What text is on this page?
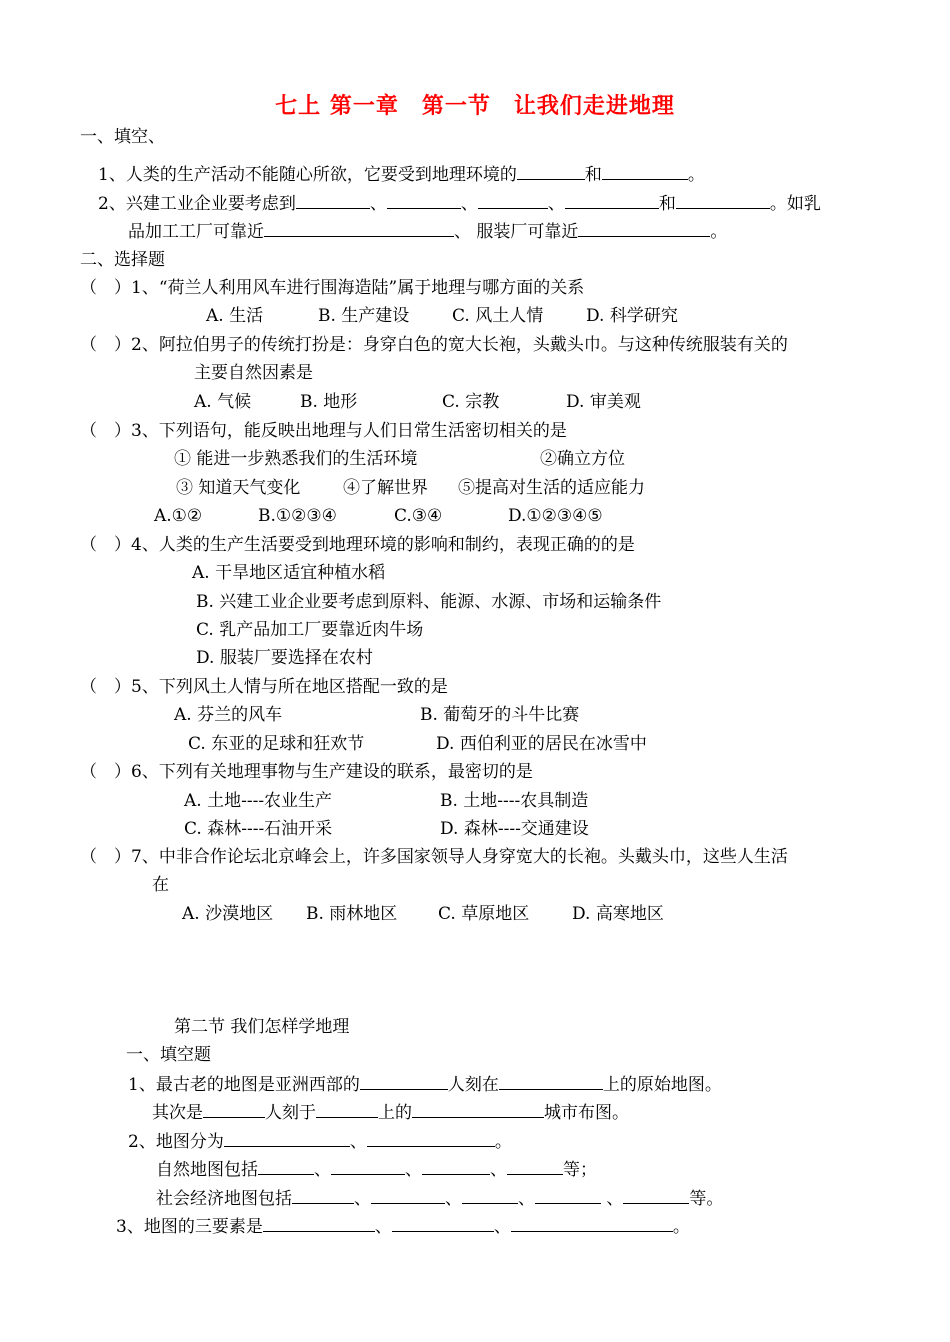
七上 第一章　第一节　让我们走进地理
一、填空、
1、人类的生产活动不能随心所欲，它要受到地理环境的	和	。
2、兴建工业企业要考虑到	、	、	、	和	。如乳
品加工工厂可靠近	、 服装厂可靠近	。
二、选择题
（　）1、“荷兰人利用风车进行围海造陆”属于地理与哪方面的关系
A. 生活	B. 生产建设	C. 风土人情	D. 科学研究
（　）2、阿拉伯男子的传统打扮是：身穿白色的宽大长袍，头戴头巾。与这种传统服装有关的
主要自然因素是
A. 气候	B. 地形	C. 宗教	D. 审美观
（　）3、下列语句，能反映出地理与人们日常生活密切相关的是
① 能进一步熟悉我们的生活环境	②确立方位
③ 知道天气变化	④了解世界 ⑤提高对生活的适应能力
A.①②	B.①②③④	C.③④	D.①②③④⑤
（　）4、人类的生产生活要受到地理环境的影响和制约，表现正确的的是
A. 干旱地区适宜种植水稻
B. 兴建工业企业要考虑到原料、能源、水源、市场和运输条件
C. 乳产品加工厂要靠近肉牛场
D. 服装厂要选择在农村
（　）5、下列风土人情与所在地区搭配一致的是
A. 芬兰的风车	B. 葡萄牙的斗牛比赛
C. 东亚的足球和狂欢节	D. 西伯利亚的居民在冰雪中
（　）6、下列有关地理事物与生产建设的联系，最密切的是
A. 土地----农业生产	B. 土地----农具制造
C. 森林----石油开采	D. 森林----交通建设
（　）7、中非合作论坛北京峰会上，许多国家领导人身穿宽大的长袍。头戴头巾，这些人生活
在
A. 沙漠地区 B. 雨林地区 C. 草原地区	D. 高寒地区
第二节 我们怎样学地理
一、填空题
1、最古老的地图是亚洲西部的	人刻在	上的原始地图。
其次是	人刻于	上的	城市布图。
2、地图分为	、	。
自然地图包括	、	、	、	等；
社会经济地图包括	、	、	、	、	等。
3、地图的三要素是	、	、	。
